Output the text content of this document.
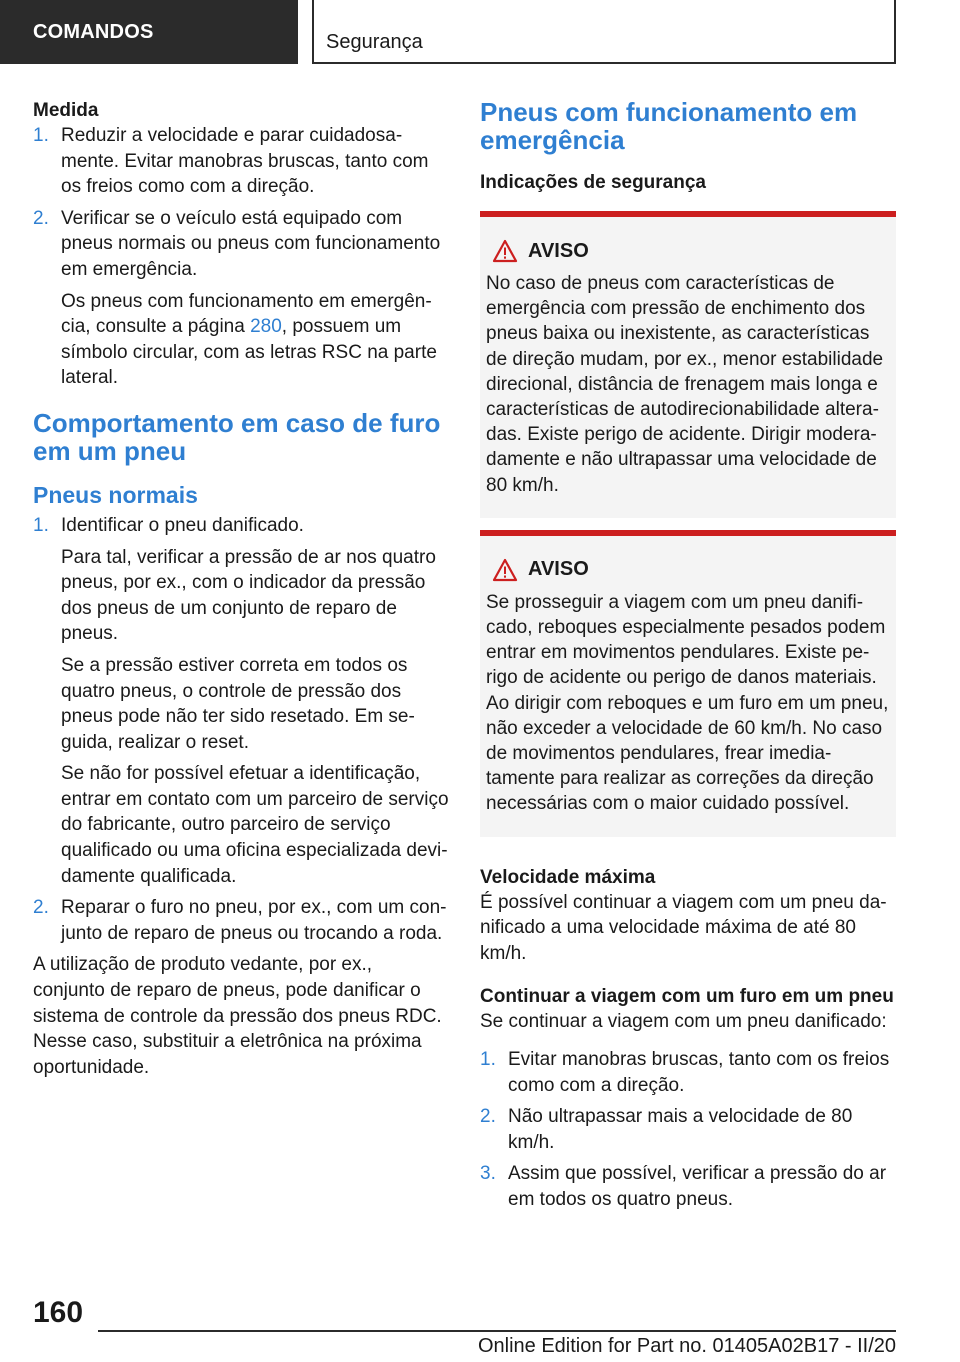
COMANDOS	Segurança

Medida

1. Reduzir a velocidade e parar cuidadosamente. Evitar manobras bruscas, tanto com os freios como com a direção.

2. Verificar se o veículo está equipado com pneus normais ou pneus com funcionamento em emergência.

Os pneus com funcionamento em emergência, consulte a página 280, possuem um símbolo circular, com as letras RSC na parte lateral.

Comportamento em caso de furo em um pneu
Pneus normais
1. Identificar o pneu danificado.

Para tal, verificar a pressão de ar nos quatro pneus, por ex., com o indicador da pressão dos pneus de um conjunto de reparo de pneus.

Se a pressão estiver correta em todos os quatro pneus, o controle de pressão dos pneus pode não ter sido resetado. Em seguida, realizar o reset.

Se não for possível efetuar a identificação, entrar em contato com um parceiro de serviço do fabricante, outro parceiro de serviço qualificado ou uma oficina especializada devidamente qualificada.

2. Reparar o furo no pneu, por ex., com um conjunto de reparo de pneus ou trocando a roda.

A utilização de produto vedante, por ex., conjunto de reparo de pneus, pode danificar o sistema de controle da pressão dos pneus RDC. Nesse caso, substituir a eletrônica na próxima oportunidade.

Pneus com funcionamento em emergência

Indicações de segurança

AVISO
No caso de pneus com características de emergência com pressão de enchimento dos pneus baixa ou inexistente, as características de direção mudam, por ex., menor estabilidade direcional, distância de frenagem mais longa e características de autodirecionabilidade alteradas. Existe perigo de acidente. Dirigir moderadamente e não ultrapassar uma velocidade de 80 km/h.
AVISO
Se prosseguir a viagem com um pneu danificado, reboques especialmente pesados podem entrar em movimentos pendulares. Existe perigo de acidente ou perigo de danos materiais. Ao dirigir com reboques e um furo em um pneu, não exceder a velocidade de 60 km/h. No caso de movimentos pendulares, frear imediatamente para realizar as correções da direção necessárias com o maior cuidado possível.

Velocidade máxima

É possível continuar a viagem com um pneu danificado a uma velocidade máxima de até 80 km/h.

Continuar a viagem com um furo em um pneu

Se continuar a viagem com um pneu danificado:

1. Evitar manobras bruscas, tanto com os freios como com a direção.

2. Não ultrapassar mais a velocidade de 80 km/h.

3. Assim que possível, verificar a pressão do ar em todos os quatro pneus.

160
Online Edition for Part no. 01405A02B17 - II/20
